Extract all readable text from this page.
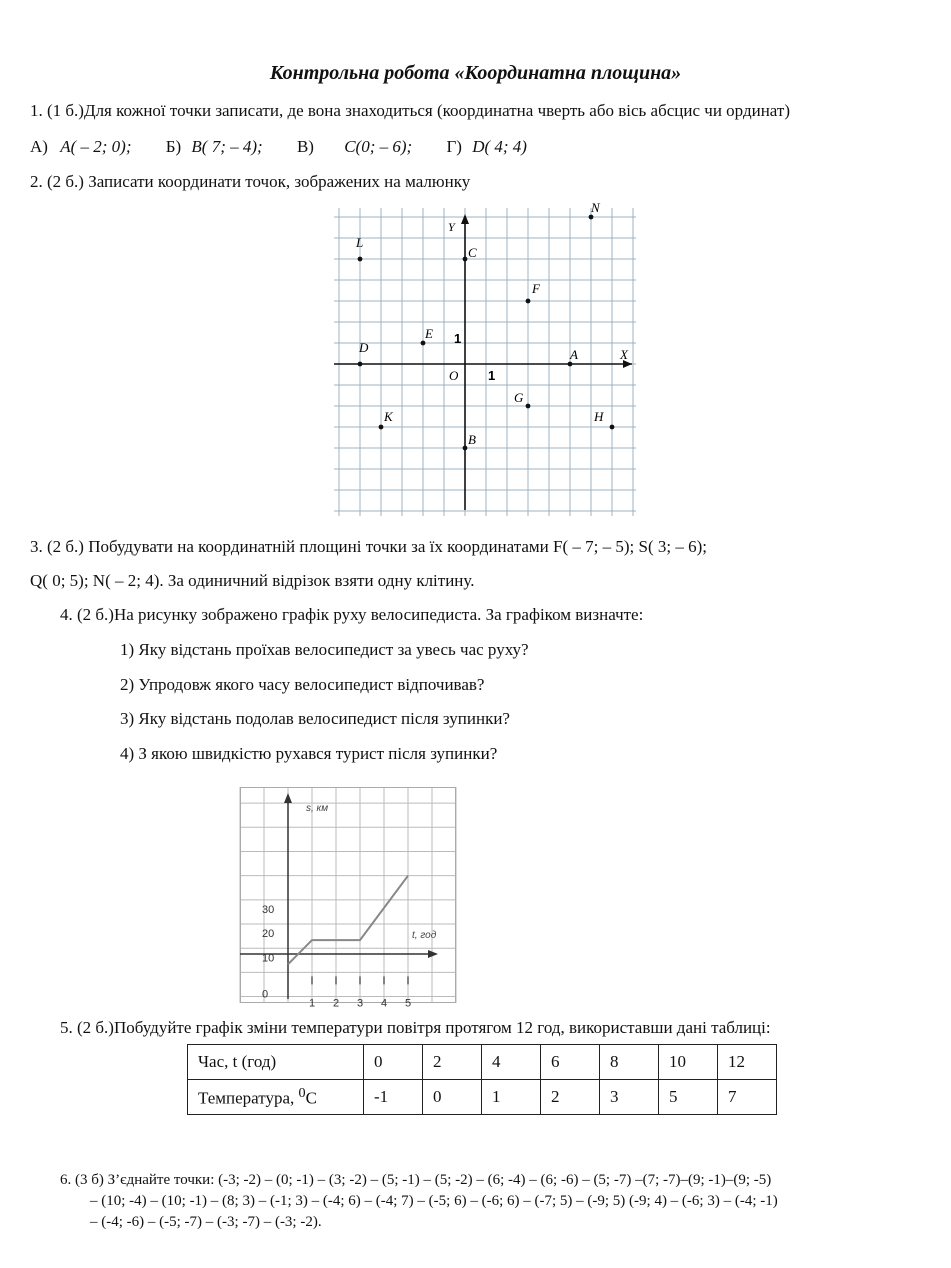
Контрольна робота «Координатна площина»
1. (1 б.)Для кожної точки записати, де вона знаходиться (координатна чверть або вісь абсцис чи ординат)
А) A( – 2; 0); Б) B( 7; – 4); В) C(0; – 6); Г) D( 4; 4)
2. (2 б.) Записати координати точок, зображених на малюнку
Y
X
O 1
1
L
C
N
F
E
D	A
G
K	H
B
3. (2 б.) Побудувати на координатній площині точки за їх координатами F( – 7; – 5); S( 3; – 6);
Q( 0; 5); N( – 2; 4). За одиничний відрізок взяти одну клітину.
4. (2 б.)На рисунку зображено графік руху велосипедиста. За графіком визначте:
1) Яку відстань проїхав велосипедист за увесь час руху?
2) Упродовж якого часу велосипедист відпочивав?
3) Яку відстань подолав велосипедист після зупинки?
4) З якою швидкістю рухався турист після зупинки?
s, км
t, год
1 2 3 4 5
0
10
20
30
5. (2 б.)Побудуйте графік зміни температури повітря протягом 12 год, використавши дані таблиці:
Час, t (год)	0	2	4	6	8	10	12
Температура, $^0$С	-1	0	1	2	3	5	7
6. (3 б) З’єднайте точки: (-3; -2) – (0; -1) – (3; -2) – (5; -1) – (5; -2) – (6; -4) – (6; -6) – (5; -7) –(7; -7)–(9; -1)–(9; -5)
– (10; -4) – (10; -1) – (8; 3) – (-1; 3) – (-4; 6) – (-4; 7) – (-5; 6) – (-6; 6) – (-7; 5) – (-9; 5) (-9; 4) – (-6; 3) – (-4; -1)
– (-4; -6) – (-5; -7) – (-3; -7) – (-3; -2).
